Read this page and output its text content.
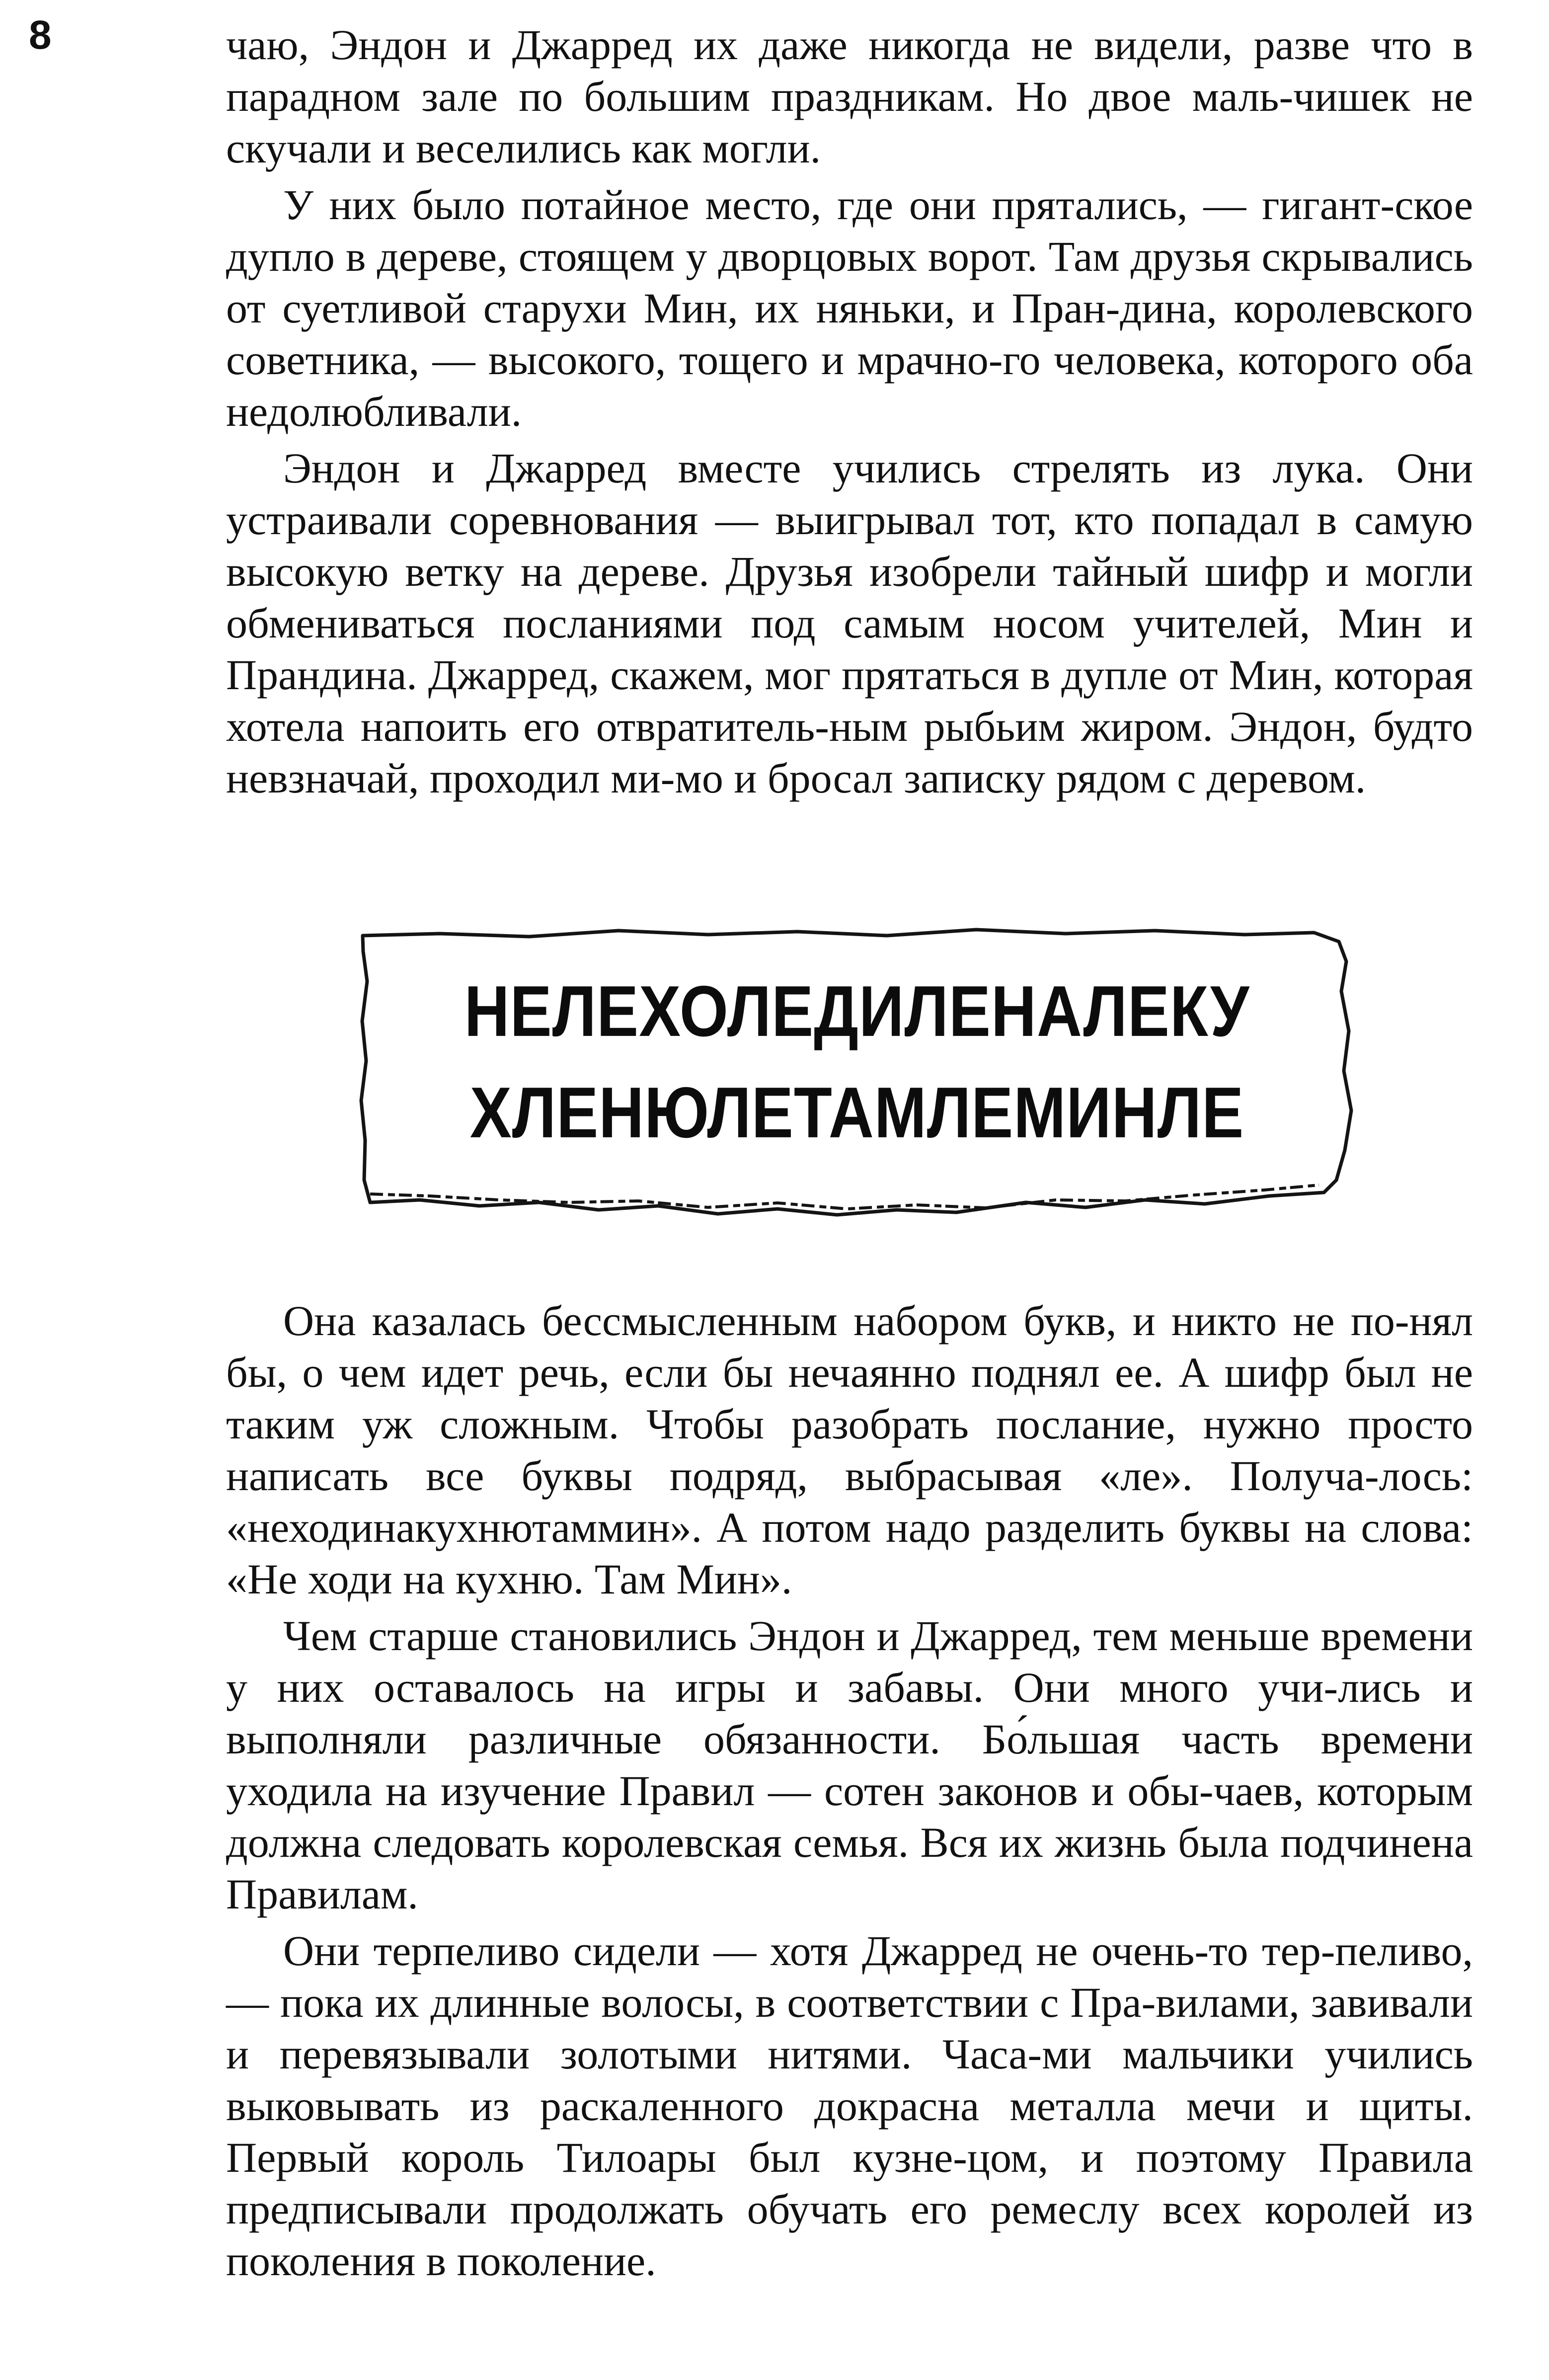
8	чаю, Эндон и Джарред их даже никогда не видели, разве что в парадном зале по большим праздникам. Но двое маль-чишек не скучали и веселились как могли.

У них было потайное место, где они прятались, — гигант-ское дупло в дереве, стоящем у дворцовых ворот. Там друзья скрывались от суетливой старухи Мин, их няньки, и Пран-дина, королевского советника, — высокого, тощего и мрачно-го человека, которого оба недолюбливали.

Эндон и Джарред вместе учились стрелять из лука. Они устраивали соревнования — выигрывал тот, кто попадал в самую высокую ветку на дереве. Друзья изобрели тайный шифр и могли обмениваться посланиями под самым носом учителей, Мин и Прандина. Джарред, скажем, мог прятаться в дупле от Мин, которая хотела напоить его отвратитель-ным рыбьим жиром. Эндон, будто невзначай, проходил ми-мо и бросал записку рядом с деревом.

НЕЛЕХОЛЕДИЛЕНАЛЕКУ
ХЛЕНЮЛЕТАМЛЕМИНЛЕ

Она казалась бессмысленным набором букв, и никто не по-нял бы, о чем идет речь, если бы нечаянно поднял ее. А шифр был не таким уж сложным. Чтобы разобрать послание, нужно просто написать все буквы подряд, выбрасывая «ле». Получа-лось: «неходинакухнютаммин». А потом надо разделить буквы на слова: «Не ходи на кухню. Там Мин».

Чем старше становились Эндон и Джарред, тем меньше времени у них оставалось на игры и забавы. Они много учи-лись и выполняли различные обязанности. Бо́льшая часть времени уходила на изучение Правил — сотен законов и обы-чаев, которым должна следовать королевская семья. Вся их жизнь была подчинена Правилам.

Они терпеливо сидели — хотя Джарред не очень-то тер-пеливо, — пока их длинные волосы, в соответствии с Пра-вилами, завивали и перевязывали золотыми нитями. Часа-ми мальчики учились выковывать из раскаленного докрасна металла мечи и щиты. Первый король Тилоары был кузне-цом, и поэтому Правила предписывали продолжать обучать его ремеслу всех королей из поколения в поколение.
